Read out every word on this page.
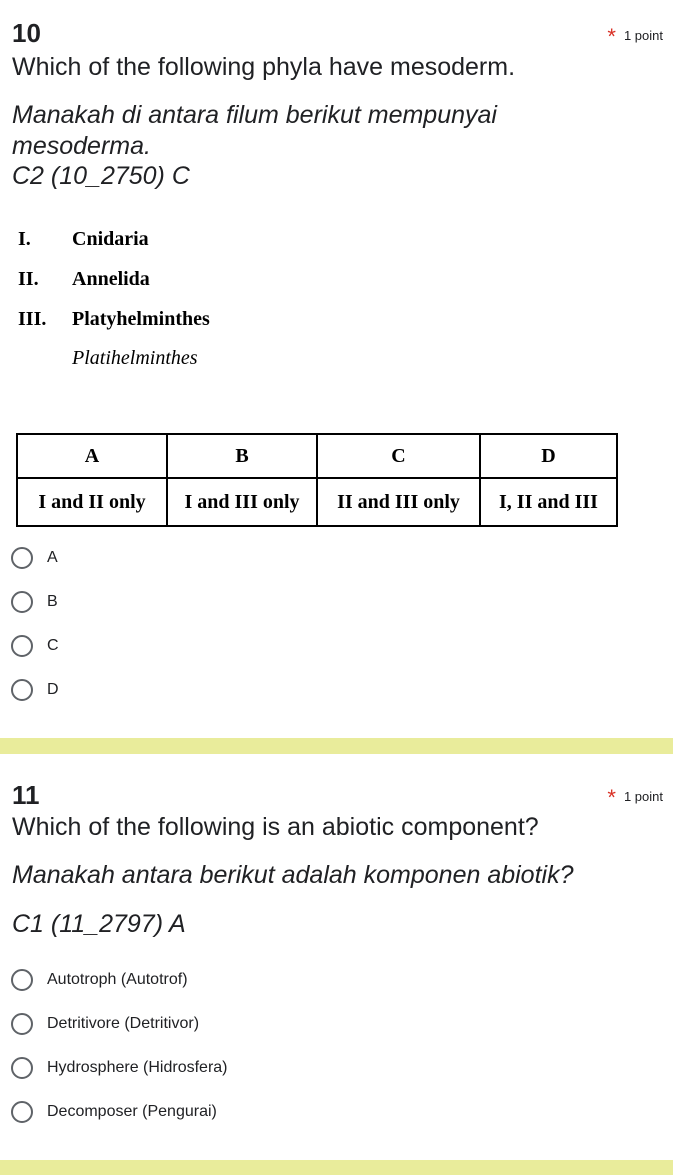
10	* 1 point
Which of the following phyla have mesoderm.
Manakah di antara filum berikut mempunyai mesoderma.
C2 (10_2750) C
I. Cnidaria
II. Annelida
III. Platyhelminthes
Platihelminthes
A	B	C	D
I and II only	I and III only	II and III only	I, II and III
A
B
C
D
11	* 1 point
Which of the following is an abiotic component?
Manakah antara berikut adalah komponen abiotik?
C1 (11_2797) A
Autotroph (Autotrof)
Detritivore (Detritivor)
Hydrosphere (Hidrosfera)
Decomposer (Pengurai)
